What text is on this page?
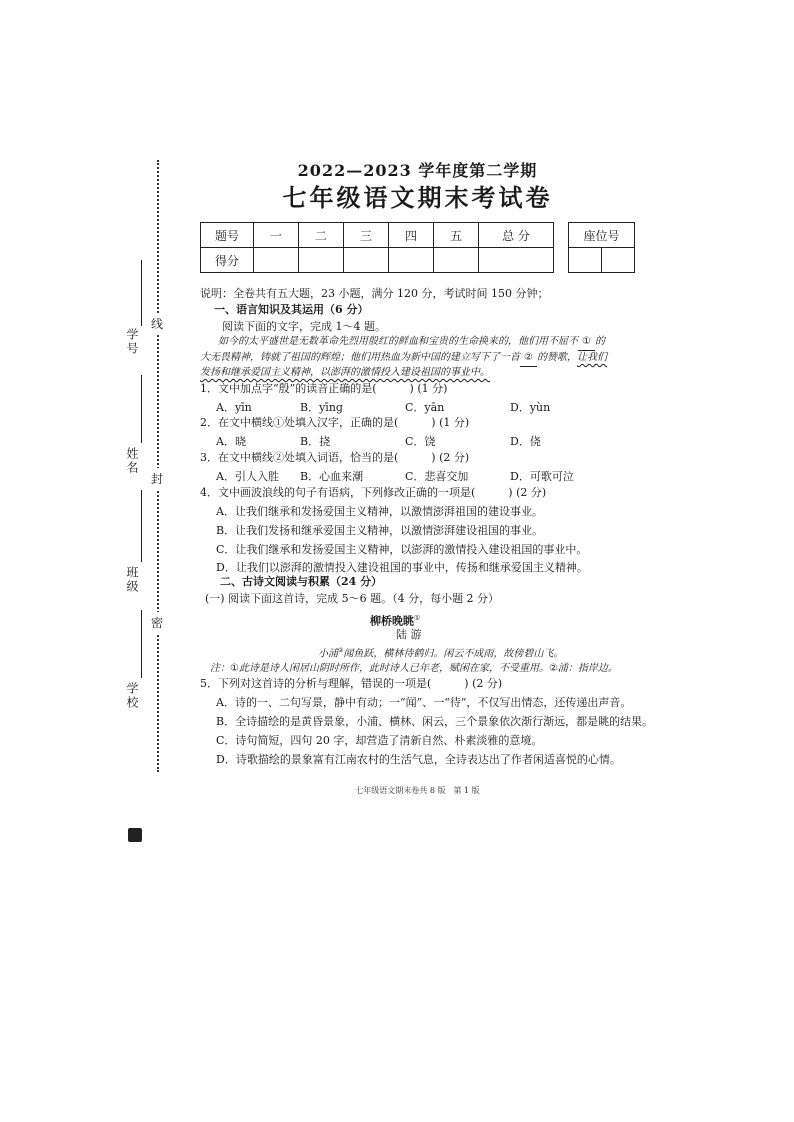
学号
姓名
班级
学校
线
封
密
2022—2023 学年度第二学期
七年级语文期末考试卷
题号	一	二	三	四	五	总 分
得分						
座位号

说明：全卷共有五大题，23 小题，满分 120 分，考试时间 150 分钟；
一、语言知识及其运用（6 分）
阅读下面的文字，完成 1～4 题。
如今的太平盛世是无数革命先烈用殷红的鲜血和宝贵的生命换来的，他们用不屈不 ① 的
大无畏精神，铸就了祖国的辉煌；他们用热血为新中国的建立写下了一首 ② 的赞歌，让我们
发扬和继承爱国主义精神，以澎湃的激情投入建设祖国的事业中。
1．文中加点字“殷”的读音正确的是(　　　) (1 分)
A．yīn	B．yīng	C．yān	D．yùn
2．在文中横线①处填入汉字，正确的是(　　　) (1 分)
A．晓	B．挠	C．饶	D．侥
3．在文中横线②处填入词语，恰当的是(　　　) (2 分)
A．引人入胜 B．心血来潮	C．悲喜交加	D．可歌可泣
4．文中画波浪线的句子有语病，下列修改正确的一项是(　　　) (2 分)
A．让我们继承和发扬爱国主义精神，以激情澎湃祖国的建设事业。
B．让我们发扬和继承爱国主义精神，以激情澎湃建设祖国的事业。
C．让我们继承和发扬爱国主义精神，以澎湃的激情投入建设祖国的事业中。
D．让我们以澎湃的激情投入建设祖国的事业中，传扬和继承爱国主义精神。
二、古诗文阅读与积累（24 分）
(一) 阅读下面这首诗，完成 5～6 题。（4 分，每小题 2 分）
柳桥晚眺①
陆 游
小浦②闻鱼跃，横林待鹤归。闲云不成雨，故傍碧山飞。
注：①此诗是诗人闲居山阴时所作，此时诗人已年老，赋闲在家，不受重用。②浦：指岸边。
5．下列对这首诗的分析与理解，错误的一项是(　　　) (2 分)
A．诗的一、二句写景，静中有动；一“闻”、一“待”，不仅写出情态，还传递出声音。
B．全诗描绘的是黄昏景象，小浦、横林、闲云，三个景象依次渐行渐远，都是眺的结果。
C．诗句简短，四句 20 字，却营造了清新自然、朴素淡雅的意境。
D．诗歌描绘的景象富有江南农村的生活气息，全诗表达出了作者闲适喜悦的心情。
七年级语文期末卷共 8 版　第 1 版
